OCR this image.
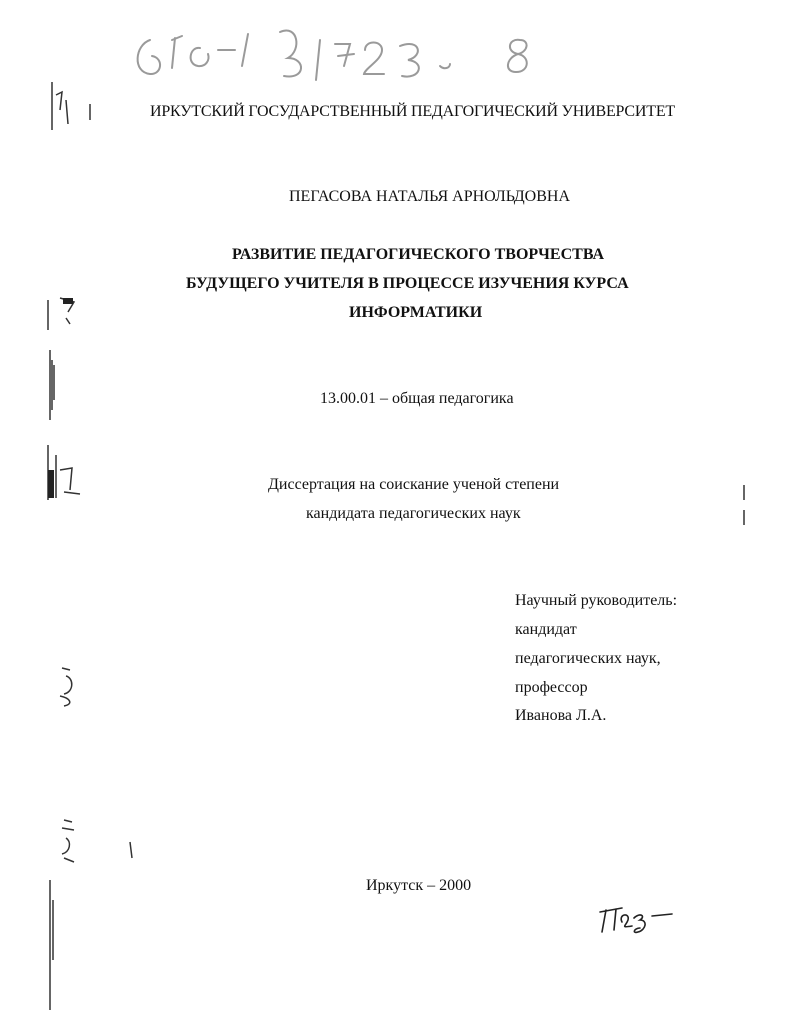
ИРКУТСКИЙ ГОСУДАРСТВЕННЫЙ ПЕДАГОГИЧЕСКИЙ УНИВЕРСИТЕТ
ПЕГАСОВА НАТАЛЬЯ АРНОЛЬДОВНА
РАЗВИТИЕ ПЕДАГОГИЧЕСКОГО ТВОРЧЕСТВА
БУДУЩЕГО УЧИТЕЛЯ В ПРОЦЕССЕ ИЗУЧЕНИЯ КУРСА
ИНФОРМАТИКИ
13.00.01 – общая педагогика
Диссертация на соискание ученой степени
кандидата педагогических наук
Научный руководитель:
кандидат
педагогических наук,
профессор
Иванова Л.А.
Иркутск – 2000
